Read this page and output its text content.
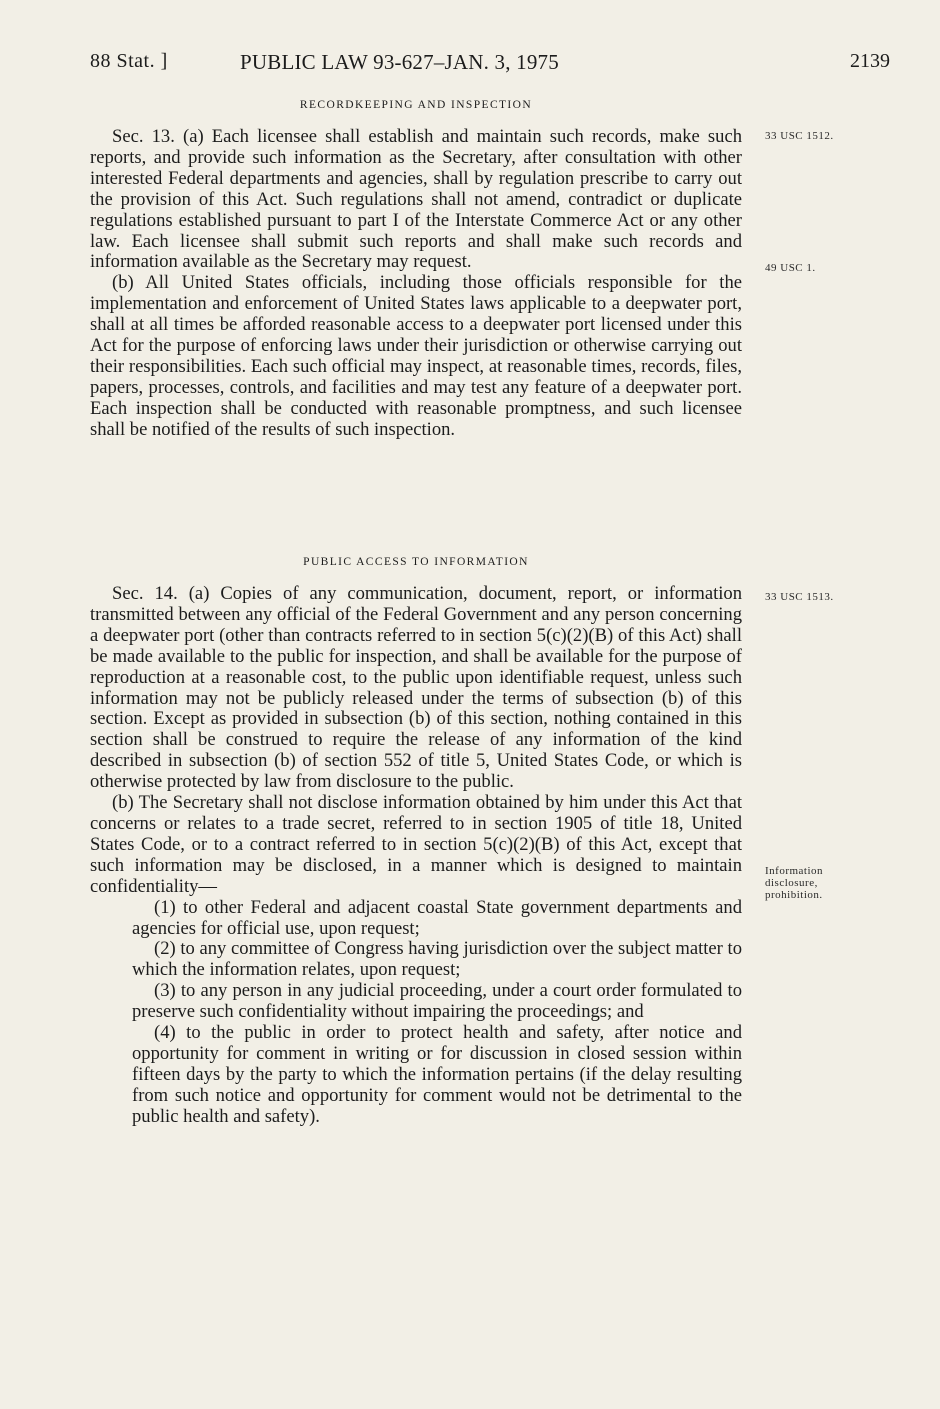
88 Stat. ]	PUBLIC LAW 93-627–JAN. 3, 1975	2139
RECORDKEEPING AND INSPECTION

Sec. 13. (a) Each licensee shall establish and maintain such records, make such reports, and provide such information as the Secretary, after consultation with other interested Federal departments and agencies, shall by regulation prescribe to carry out the provision of this Act. Such regulations shall not amend, contradict or duplicate regulations established pursuant to part I of the Interstate Commerce Act or any other law. Each licensee shall submit such reports and shall make such records and information available as the Secretary may request.

(b) All United States officials, including those officials responsible for the implementation and enforcement of United States laws applicable to a deepwater port, shall at all times be afforded reasonable access to a deepwater port licensed under this Act for the purpose of enforcing laws under their jurisdiction or otherwise carrying out their responsibilities. Each such official may inspect, at reasonable times, records, files, papers, processes, controls, and facilities and may test any feature of a deepwater port. Each inspection shall be conducted with reasonable promptness, and such licensee shall be notified of the results of such inspection.

PUBLIC ACCESS TO INFORMATION

Sec. 14. (a) Copies of any communication, document, report, or information transmitted between any official of the Federal Government and any person concerning a deepwater port (other than contracts referred to in section 5(c)(2)(B) of this Act) shall be made available to the public for inspection, and shall be available for the purpose of reproduction at a reasonable cost, to the public upon identifiable request, unless such information may not be publicly released under the terms of subsection (b) of this section. Except as provided in subsection (b) of this section, nothing contained in this section shall be construed to require the release of any information of the kind described in subsection (b) of section 552 of title 5, United States Code, or which is otherwise protected by law from disclosure to the public.

(b) The Secretary shall not disclose information obtained by him under this Act that concerns or relates to a trade secret, referred to in section 1905 of title 18, United States Code, or to a contract referred to in section 5(c)(2)(B) of this Act, except that such information may be disclosed, in a manner which is designed to maintain confidentiality—

(1) to other Federal and adjacent coastal State government departments and agencies for official use, upon request;

(2) to any committee of Congress having jurisdiction over the subject matter to which the information relates, upon request;

(3) to any person in any judicial proceeding, under a court order formulated to preserve such confidentiality without impairing the proceedings; and

(4) to the public in order to protect health and safety, after notice and opportunity for comment in writing or for discussion in closed session within fifteen days by the party to which the information pertains (if the delay resulting from such notice and opportunity for comment would not be detrimental to the public health and safety).

33 USC 1512.
49 USC 1.
33 USC 1513.
Information disclosure, prohibition.
